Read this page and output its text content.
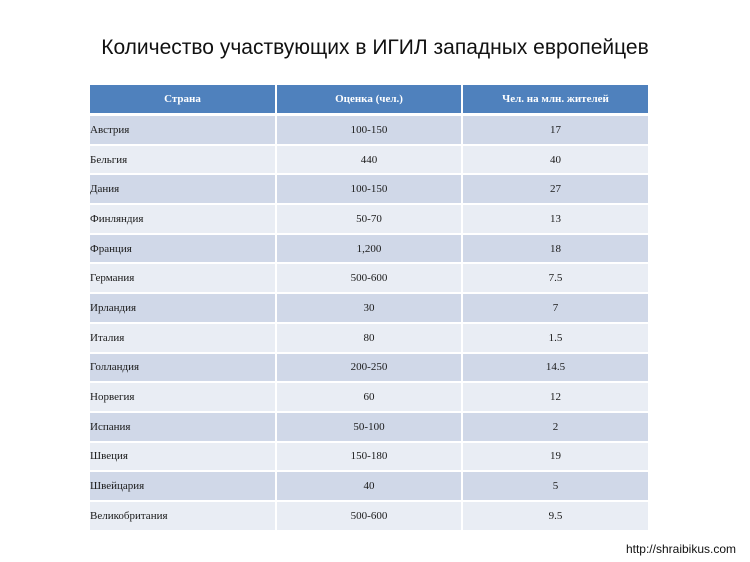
Количество участвующих в ИГИЛ западных европейцев
Страна	Оценка (чел.)	Чел. на млн. жителей
Австрия	100-150	17
Бельгия	440	40
Дания	100-150	27
Финляндия	50-70	13
Франция	1,200	18
Германия	500-600	7.5
Ирландия	30	7
Италия	80	1.5
Голландия	200-250	14.5
Норвегия	60	12
Испания	50-100	2
Швеция	150-180	19
Швейцария	40	5
Великобритания	500-600	9.5
http://shraibikus.com
